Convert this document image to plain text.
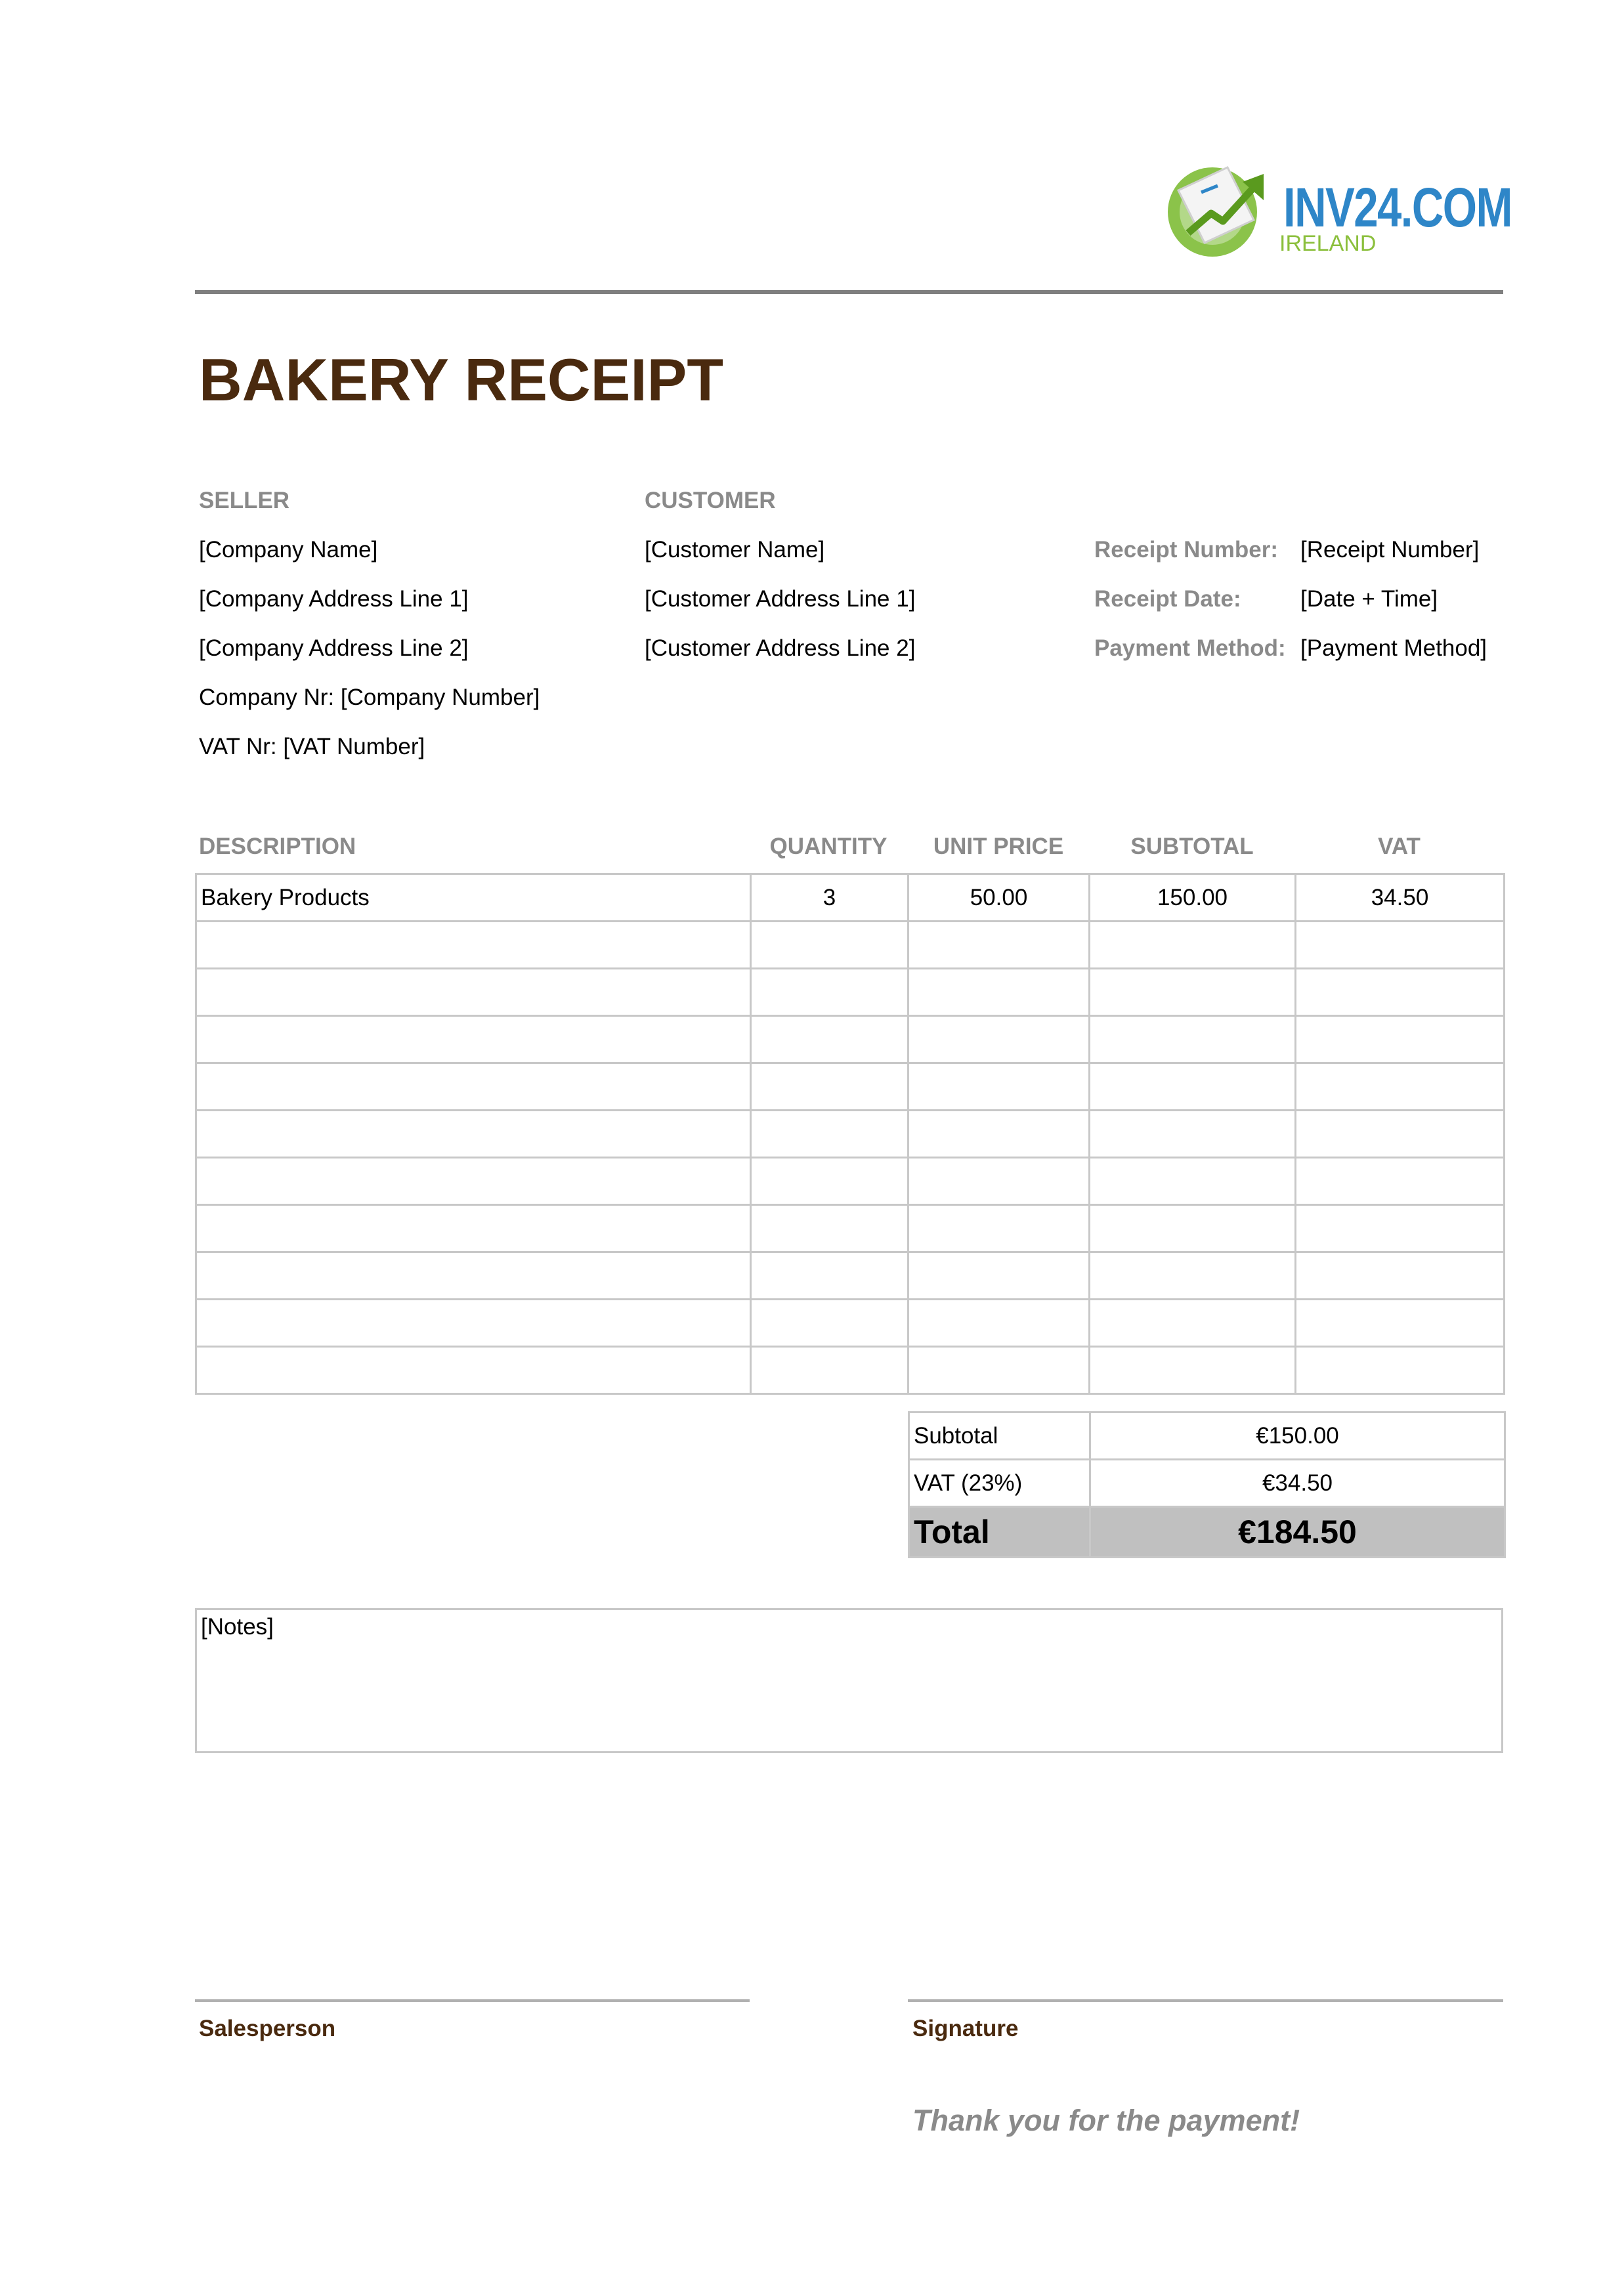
INV24.COM
IRELAND
BAKERY RECEIPT
SELLER
[Company Name]
[Company Address Line 1]
[Company Address Line 2]
Company Nr: [Company Number]
VAT Nr: [VAT Number]
CUSTOMER
[Customer Name]
[Customer Address Line 1]
[Customer Address Line 2]
Receipt Number: [Receipt Number]
Receipt Date:	[Date + Time]
Payment Method: [Payment Method]
DESCRIPTION	QUANTITY	UNIT PRICE	SUBTOTAL	VAT
Bakery Products	3	50.00	150.00	34.50

Subtotal	€150.00
VAT (23%)	€34.50
Total	€184.50
[Notes]
Salesperson	Signature
Thank you for the payment!
